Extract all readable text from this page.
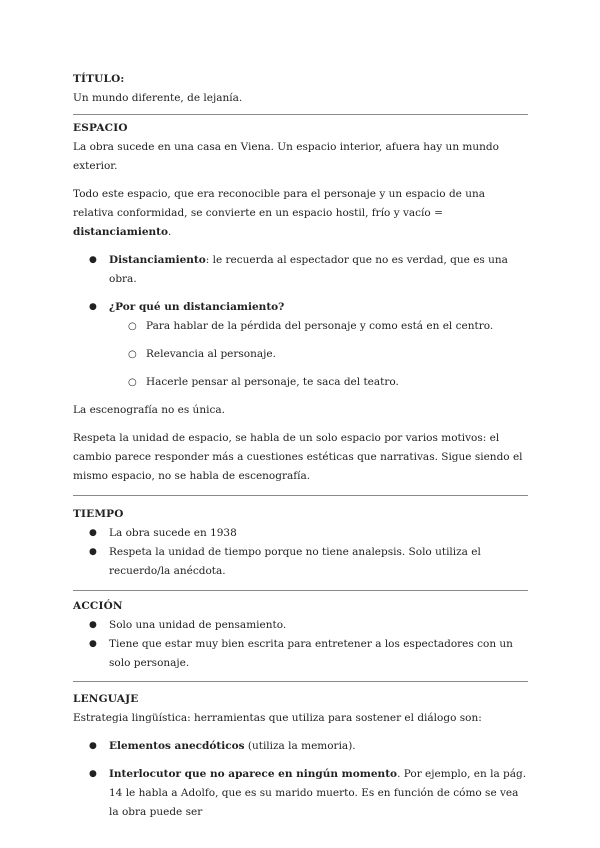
TÍTULO:

Un mundo diferente, de lejanía.

ESPACIO

La obra sucede en una casa en Viena. Un espacio interior, afuera hay un mundo exterior.

Todo este espacio, que era reconocible para el personaje y un espacio de una relativa conformidad, se convierte en un espacio hostil, frío y vacío = distanciamiento.

● Distanciamiento: le recuerda al espectador que no es verdad, que es una obra.
● ¿Por qué un distanciamiento?
○ Para hablar de la pérdida del personaje y como está en el centro.
○ Relevancia al personaje.
○ Hacerle pensar al personaje, te saca del teatro.

La escenografía no es única.

Respeta la unidad de espacio, se habla de un solo espacio por varios motivos: el cambio parece responder más a cuestiones estéticas que narrativas. Sigue siendo el mismo espacio, no se habla de escenografía.

TIEMPO

● La obra sucede en 1938
● Respeta la unidad de tiempo porque no tiene analepsis. Solo utiliza el recuerdo/la anécdota.

ACCIÓN

● Solo una unidad de pensamiento.
● Tiene que estar muy bien escrita para entretener a los espectadores con un solo personaje.

LENGUAJE

Estrategia lingüística: herramientas que utiliza para sostener el diálogo son:

● Elementos anecdóticos (utiliza la memoria).
● Interlocutor que no aparece en ningún momento. Por ejemplo, en la pág. 14 le habla a Adolfo, que es su marido muerto. Es en función de cómo se vea la obra puede ser
